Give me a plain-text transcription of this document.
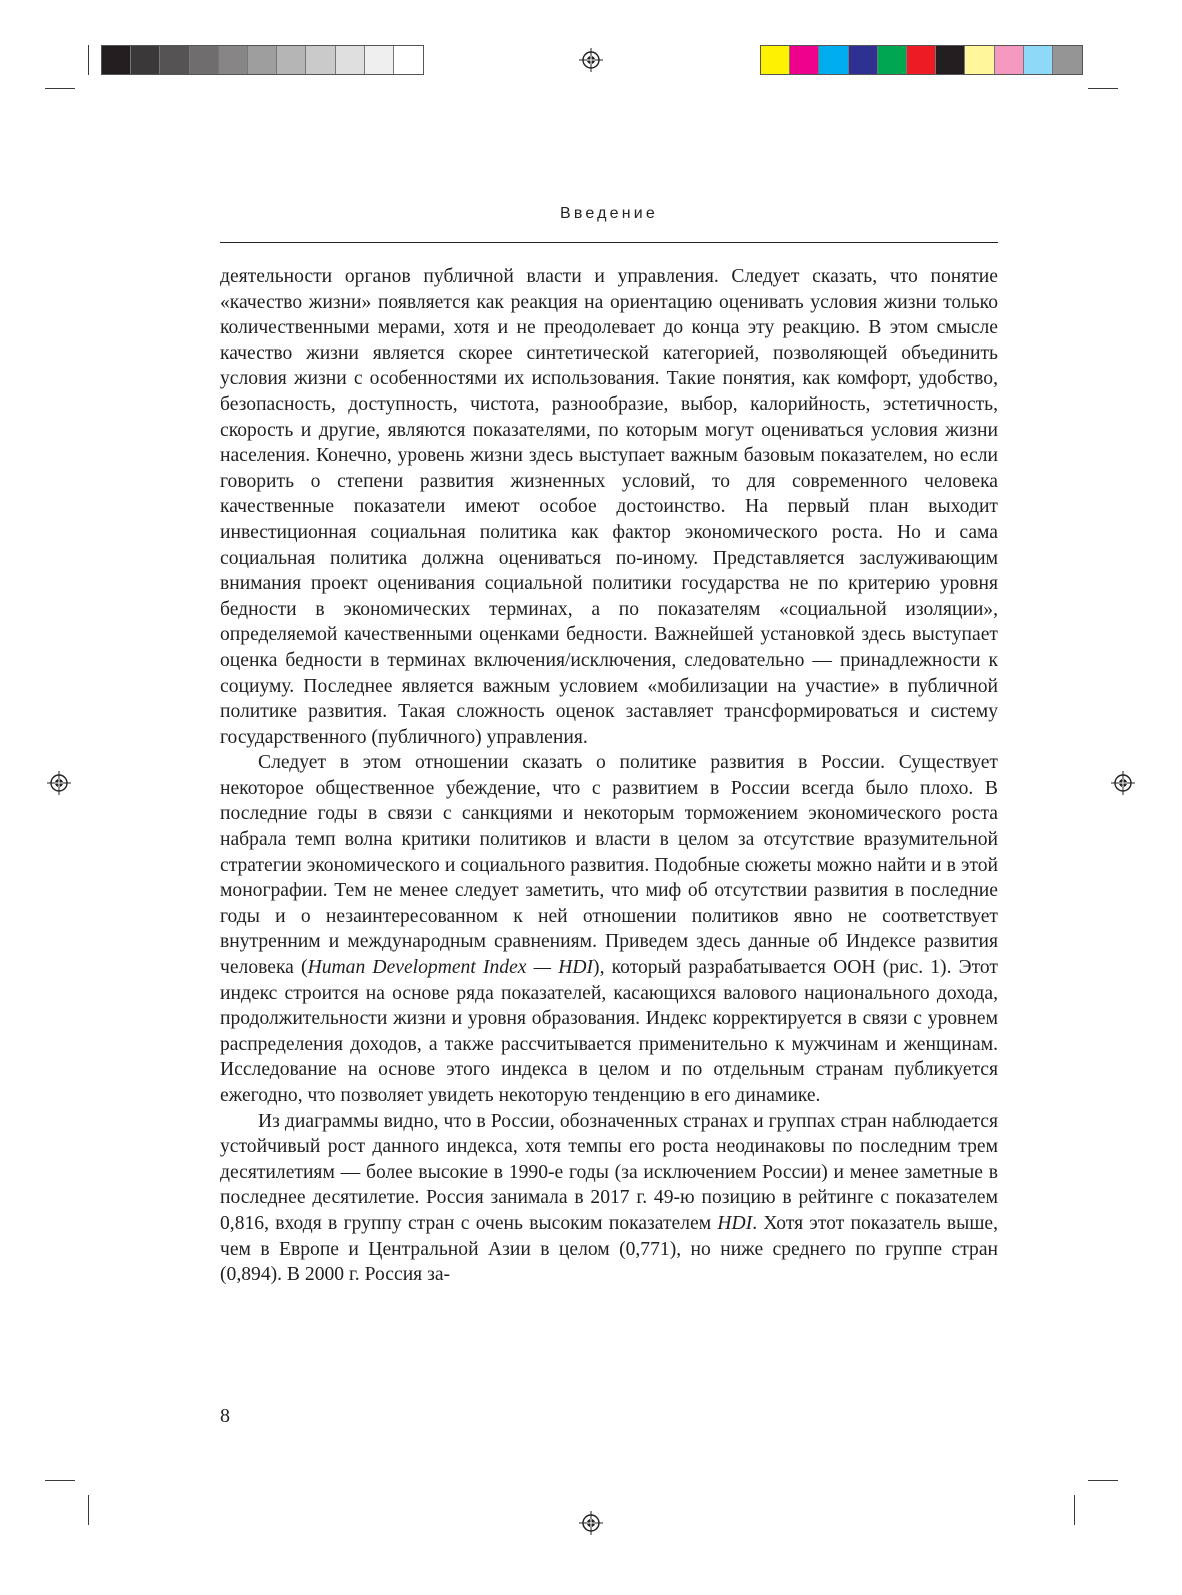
Введение

деятельности органов публичной власти и управления. Следует сказать, что понятие «качество жизни» появляется как реакция на ориентацию оценивать условия жизни только количественными мерами, хотя и не преодолевает до конца эту реакцию. В этом смысле качество жизни является скорее синтетической категорией, позволяющей объединить условия жизни с особенностями их использования. Такие понятия, как комфорт, удобство, безопасность, доступность, чистота, разнообразие, выбор, калорийность, эстетичность, скорость и другие, являются показателями, по которым могут оцениваться условия жизни населения. Конечно, уровень жизни здесь выступает важным базовым показателем, но если говорить о степени развития жизненных условий, то для современного человека качественные показатели имеют особое достоинство. На первый план выходит инвестиционная социальная политика как фактор экономического роста. Но и сама социальная политика должна оцениваться по-иному. Представляется заслуживающим внимания проект оценивания социальной политики государства не по критерию уровня бедности в экономических терминах, а по показателям «социальной изоляции», определяемой качественными оценками бедности. Важнейшей установкой здесь выступает оценка бедности в терминах включения/исключения, следовательно — принадлежности к социуму. Последнее является важным условием «мобилизации на участие» в публичной политике развития. Такая сложность оценок заставляет трансформироваться и систему государственного (публичного) управления.

Следует в этом отношении сказать о политике развития в России. Существует некоторое общественное убеждение, что с развитием в России всегда было плохо. В последние годы в связи с санкциями и некоторым торможением экономического роста набрала темп волна критики политиков и власти в целом за отсутствие вразумительной стратегии экономического и социального развития. Подобные сюжеты можно найти и в этой монографии. Тем не менее следует заметить, что миф об отсутствии развития в последние годы и о незаинтересованном к ней отношении политиков явно не соответствует внутренним и международным сравнениям. Приведем здесь данные об Индексе развития человека (Human Development Index — HDI), который разрабатывается ООН (рис. 1). Этот индекс строится на основе ряда показателей, касающихся валового национального дохода, продолжительности жизни и уровня образования. Индекс корректируется в связи с уровнем распределения доходов, а также рассчитывается применительно к мужчинам и женщинам. Исследование на основе этого индекса в целом и по отдельным странам публикуется ежегодно, что позволяет увидеть некоторую тенденцию в его динамике.

Из диаграммы видно, что в России, обозначенных странах и группах стран наблюдается устойчивый рост данного индекса, хотя темпы его роста неодинаковы по последним трем десятилетиям — более высокие в 1990-е годы (за исключением России) и менее заметные в последнее десятилетие. Россия занимала в 2017 г. 49-ю позицию в рейтинге с показателем 0,816, входя в группу стран с очень высоким показателем HDI. Хотя этот показатель выше, чем в Европе и Центральной Азии в целом (0,771), но ниже среднего по группе стран (0,894). В 2000 г. Россия за-

8
